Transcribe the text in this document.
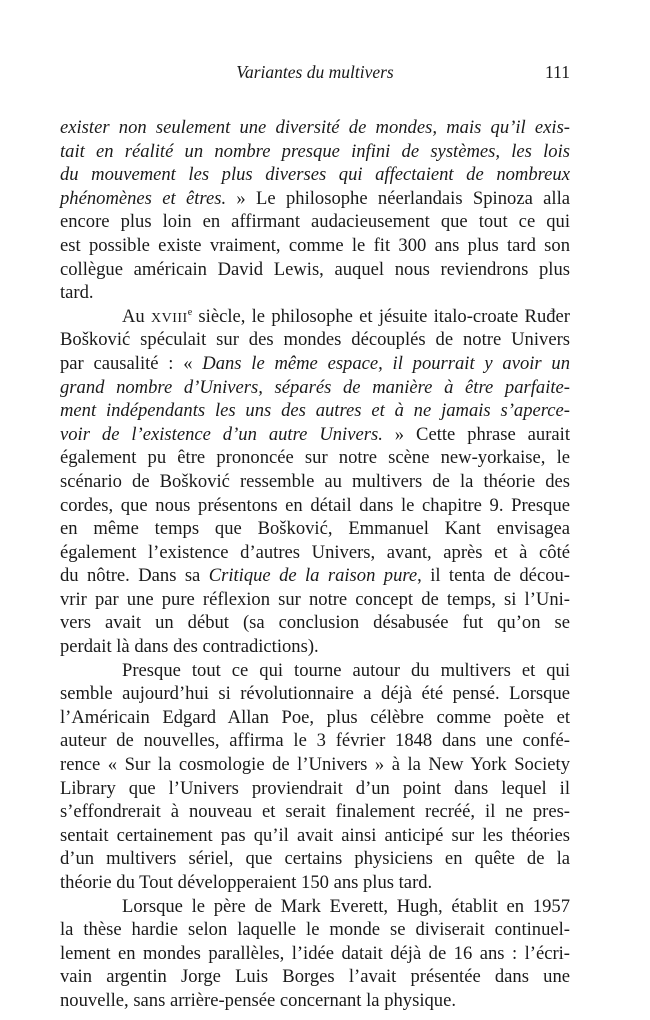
Variantes du multivers	111
exister non seulement une diversité de mondes, mais qu’il exis-
tait en réalité un nombre presque infini de systèmes, les lois
du mouvement les plus diverses qui affectaient de nombreux
phénomènes et êtres. » Le philosophe néerlandais Spinoza alla
encore plus loin en affirmant audacieusement que tout ce qui
est possible existe vraiment, comme le fit 300 ans plus tard son
collègue américain David Lewis, auquel nous reviendrons plus
tard.
Au XVIIIe siècle, le philosophe et jésuite italo-croate Ruđer
Bošković spéculait sur des mondes découplés de notre Univers
par causalité : « Dans le même espace, il pourrait y avoir un
grand nombre d’Univers, séparés de manière à être parfaite-
ment indépendants les uns des autres et à ne jamais s’aperce-
voir de l’existence d’un autre Univers. » Cette phrase aurait
également pu être prononcée sur notre scène new-yorkaise, le
scénario de Bošković ressemble au multivers de la théorie des
cordes, que nous présentons en détail dans le chapitre 9. Presque
en même temps que Bošković, Emmanuel Kant envisagea
également l’existence d’autres Univers, avant, après et à côté
du nôtre. Dans sa Critique de la raison pure, il tenta de décou-
vrir par une pure réflexion sur notre concept de temps, si l’Uni-
vers avait un début (sa conclusion désabusée fut qu’on se
perdait là dans des contradictions).
Presque tout ce qui tourne autour du multivers et qui
semble aujourd’hui si révolutionnaire a déjà été pensé. Lorsque
l’Américain Edgard Allan Poe, plus célèbre comme poète et
auteur de nouvelles, affirma le 3 février 1848 dans une confé-
rence « Sur la cosmologie de l’Univers » à la New York Society
Library que l’Univers proviendrait d’un point dans lequel il
s’effondrerait à nouveau et serait finalement recréé, il ne pres-
sentait certainement pas qu’il avait ainsi anticipé sur les théories
d’un multivers sériel, que certains physiciens en quête de la
théorie du Tout développeraient 150 ans plus tard.
Lorsque le père de Mark Everett, Hugh, établit en 1957
la thèse hardie selon laquelle le monde se diviserait continuel-
lement en mondes parallèles, l’idée datait déjà de 16 ans : l’écri-
vain argentin Jorge Luis Borges l’avait présentée dans une
nouvelle, sans arrière-pensée concernant la physique.
